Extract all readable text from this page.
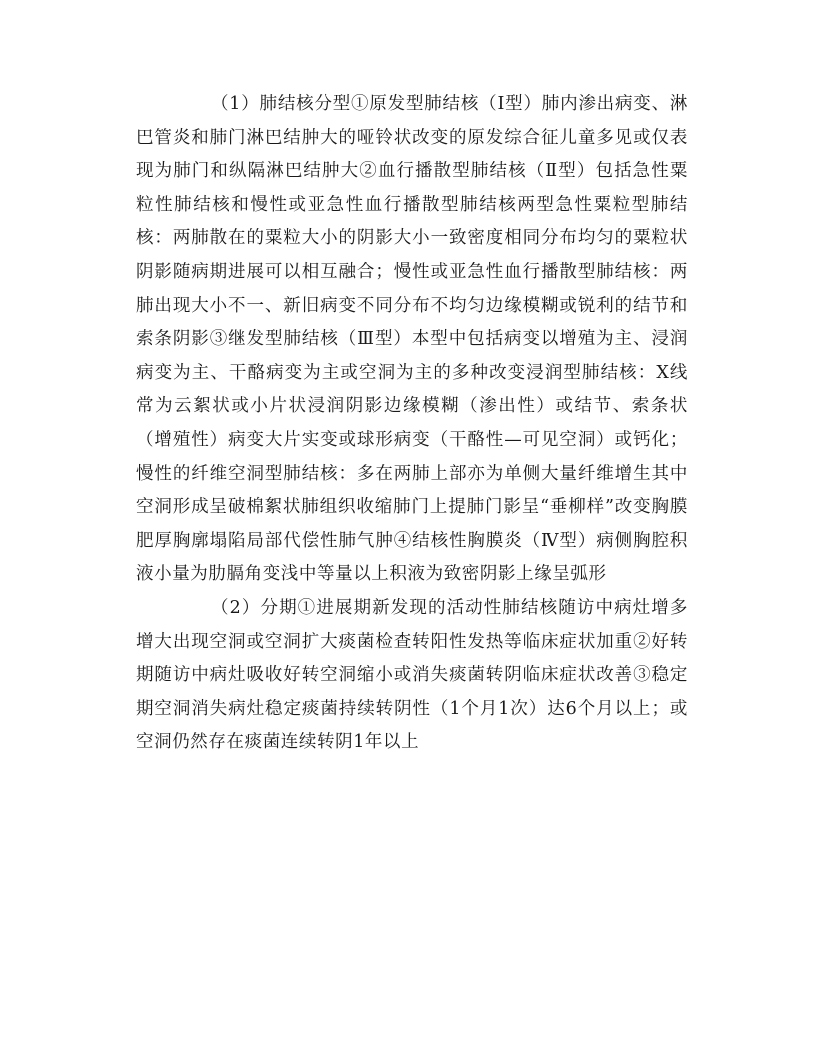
（1）肺结核分型①原发型肺结核（Ⅰ型）肺内渗出病变、淋巴管炎和肺门淋巴结肿大的哑铃状改变的原发综合征儿童多见或仅表现为肺门和纵隔淋巴结肿大②血行播散型肺结核（Ⅱ型）包括急性粟粒性肺结核和慢性或亚急性血行播散型肺结核两型急性粟粒型肺结核：两肺散在的粟粒大小的阴影大小一致密度相同分布均匀的粟粒状阴影随病期进展可以相互融合；慢性或亚急性血行播散型肺结核：两肺出现大小不一、新旧病变不同分布不均匀边缘模糊或锐利的结节和索条阴影③继发型肺结核（Ⅲ型）本型中包括病变以增殖为主、浸润病变为主、干酪病变为主或空洞为主的多种改变浸润型肺结核：X线常为云絮状或小片状浸润阴影边缘模糊（渗出性）或结节、索条状（增殖性）病变大片实变或球形病变（干酪性—可见空洞）或钙化；慢性的纤维空洞型肺结核：多在两肺上部亦为单侧大量纤维增生其中空洞形成呈破棉絮状肺组织收缩肺门上提肺门影呈“垂柳样”改变胸膜肥厚胸廓塌陷局部代偿性肺气肿④结核性胸膜炎（Ⅳ型）病侧胸腔积液小量为肋膈角变浅中等量以上积液为致密阴影上缘呈弧形

（2）分期①进展期新发现的活动性肺结核随访中病灶增多增大出现空洞或空洞扩大痰菌检查转阳性发热等临床症状加重②好转期随访中病灶吸收好转空洞缩小或消失痰菌转阴临床症状改善③稳定期空洞消失病灶稳定痰菌持续转阴性（1个月1次）达6个月以上；或空洞仍然存在痰菌连续转阴1年以上
